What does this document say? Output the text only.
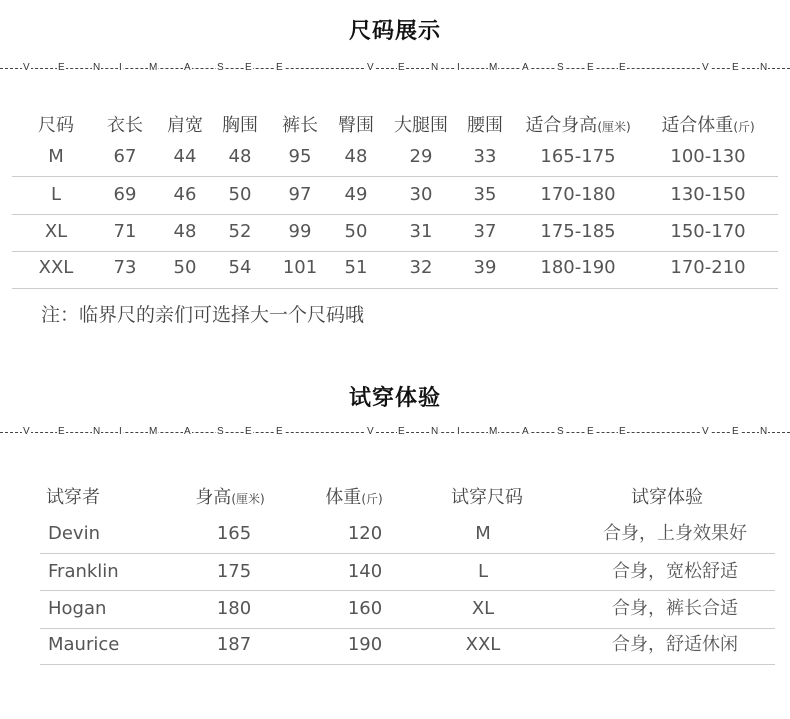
尺码展示
V	E	N I	M	A	S E E	V E	N I	M A	S E	E	V E N
尺码	衣长	肩宽	胸围	裤长	臀围	大腿围	腰围	适合身高(厘米)	适合体重(斤)
M	67	44	48	95	48	29	33	165-175	100-130
L	69	46	50	97	49	30	35	170-180	130-150
XL	71	48	52	99	50	31	37	175-185	150-170
XXL	73	50	54	101	51	32	39	180-190	170-210
注：临界尺的亲们可选择大一个尺码哦
试穿体验
V	E	N I	M	A	S E E	V E	N I	M A	S E	E	V E N
试穿者	身高(厘米)	体重(斤)	试穿尺码	试穿体验
Devin	165	120	M	合身，上身效果好
Franklin	175	140	L	合身，宽松舒适
Hogan	180	160	XL	合身，裤长合适
Maurice	187	190	XXL	合身，舒适休闲
